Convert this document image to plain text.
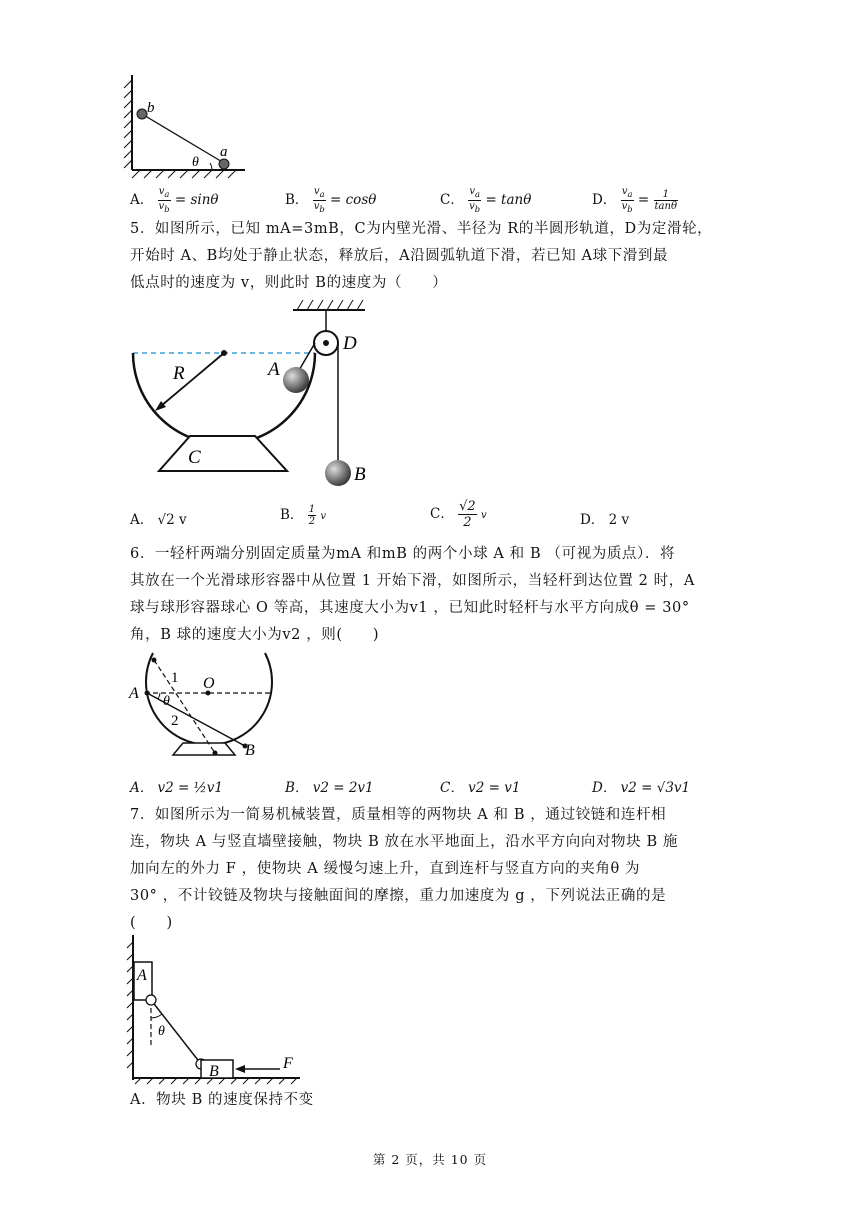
b
a
θ
A． $\frac{v_a}{v_b} = \sin\theta$	B． $\frac{v_a}{v_b} = \cos\theta$	C． $\frac{v_a}{v_b} = \tan\theta$	D． $\frac{v_a}{v_b} = \frac{1}{\tan\theta}$
5．如图所示，已知 mA=3mB，C为内壁光滑、半径为 R的半圆形轨道，D为定滑轮，
开始时 A、B均处于静止状态，释放后，A沿圆弧轨道下滑，若已知 A球下滑到最
低点时的速度为 v，则此时 B的速度为（　　）
R	A
D
C
B
A． √2 v	B． $\frac{1}{2}$ v	C． $\frac{√2}{2}$ v	D． 2 v
6．一轻杆两端分别固定质量为mA 和mB 的两个小球 A 和 B （可视为质点）．将
其放在一个光滑球形容器中从位置 1 开始下滑，如图所示，当轻杆到达位置 2 时，A
球与球形容器球心 O 等高，其速度大小为v1 ，已知此时轻杆与水平方向成θ = 30°
角，B 球的速度大小为v2 ，则(　　)
A
O
1
2
θ
B
A． v2 = ½v1	B． v2 = 2v1	C． v2 = v1	D． v2 = √3v1
7．如图所示为一简易机械装置，质量相等的两物块 A 和 B ，通过铰链和连杆相
连，物块 A 与竖直墙壁接触，物块 B 放在水平地面上，沿水平方向向对物块 B 施
加向左的外力 F ，使物块 A 缓慢匀速上升，直到连杆与竖直方向的夹角θ 为
30° ，不计铰链及物块与接触面间的摩擦，重力加速度为 g ，下列说法正确的是
(　　)
A
θ
B	F
A．物块 B 的速度保持不变
第 2 页，共 10 页
